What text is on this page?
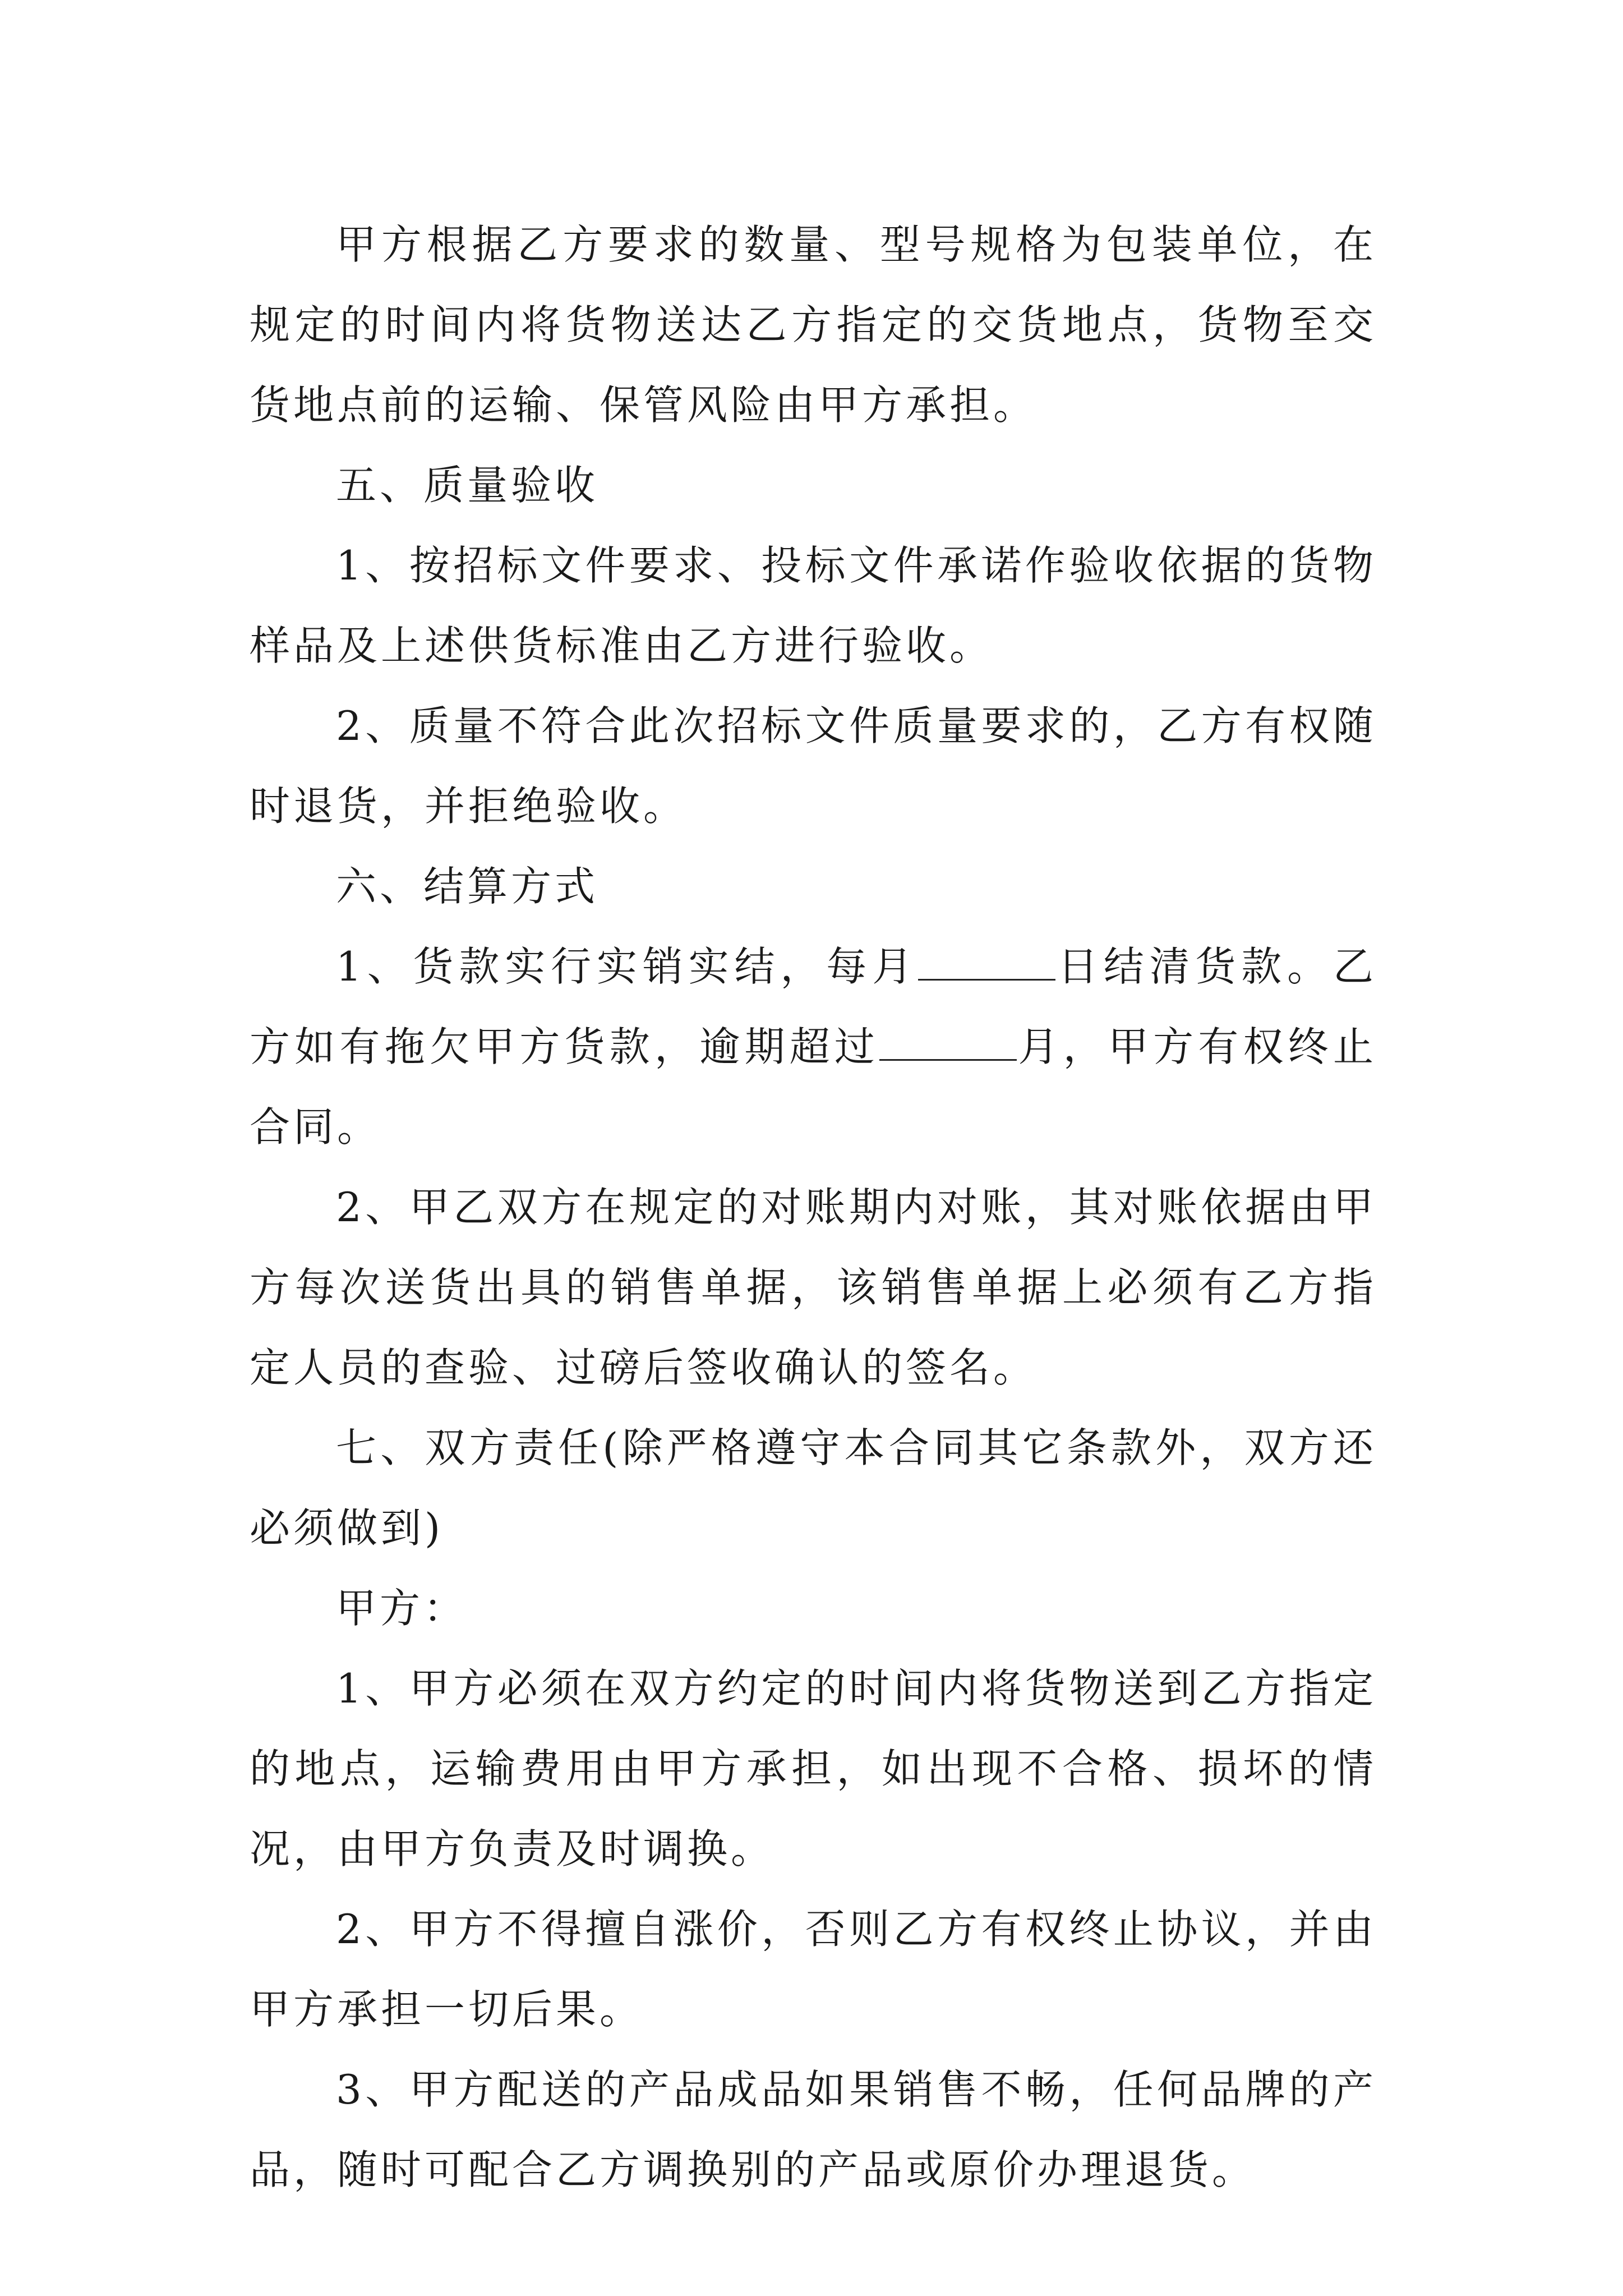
甲方根据乙方要求的数量、型号规格为包装单位，在规定的时间内将货物送达乙方指定的交货地点，货物至交货地点前的运输、保管风险由甲方承担。

五、质量验收

1、按招标文件要求、投标文件承诺作验收依据的货物样品及上述供货标准由乙方进行验收。

2、质量不符合此次招标文件质量要求的，乙方有权随时退货，并拒绝验收。

六、结算方式

1、货款实行实销实结，每月	日结清货款。乙方如有拖欠甲方货款，逾期超过	月，甲方有权终止合同。

2、甲乙双方在规定的对账期内对账，其对账依据由甲方每次送货出具的销售单据，该销售单据上必须有乙方指定人员的查验、过磅后签收确认的签名。

七、双方责任(除严格遵守本合同其它条款外，双方还必须做到)

甲方：

1、甲方必须在双方约定的时间内将货物送到乙方指定的地点，运输费用由甲方承担，如出现不合格、损坏的情况，由甲方负责及时调换。

2、甲方不得擅自涨价，否则乙方有权终止协议，并由甲方承担一切后果。

3、甲方配送的产品成品如果销售不畅，任何品牌的产品，随时可配合乙方调换别的产品或原价办理退货。
